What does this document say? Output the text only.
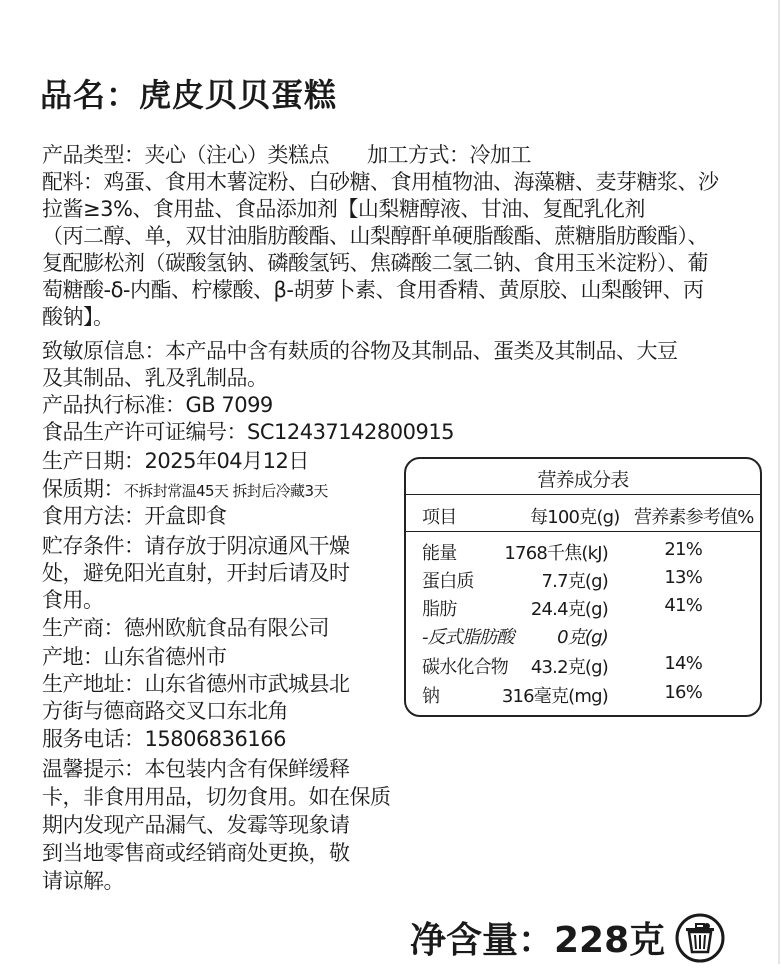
品名：虎皮贝贝蛋糕
产品类型：夹心（注心）类糕点 加工方式：冷加工
配料：鸡蛋、食用木薯淀粉、白砂糖、食用植物油、海藻糖、麦芽糖浆、沙
拉酱≥3%、食用盐、食品添加剂【山梨糖醇液、甘油、复配乳化剂
（丙二醇、单，双甘油脂肪酸酯、山梨醇酐单硬脂酸酯、蔗糖脂肪酸酯）、
复配膨松剂（碳酸氢钠、磷酸氢钙、焦磷酸二氢二钠、食用玉米淀粉）、葡
萄糖酸-δ-内酯、柠檬酸、β-胡萝卜素、食用香精、黄原胶、山梨酸钾、丙
酸钠】。
致敏原信息：本产品中含有麸质的谷物及其制品、蛋类及其制品、大豆
及其制品、乳及乳制品。
产品执行标准：GB 7099
食品生产许可证编号：SC12437142800915
生产日期：2025年04月12日
保质期：不拆封常温45天 拆封后冷藏3天
食用方法：开盒即食
贮存条件：请存放于阴凉通风干燥
处，避免阳光直射，开封后请及时
食用。
生产商：德州欧航食品有限公司
产地：山东省德州市
生产地址：山东省德州市武城县北
方街与德商路交叉口东北角
服务电话：15806836166
温馨提示：本包装内含有保鲜缓释
卡，非食用用品，切勿食用。如在保质
期内发现产品漏气、发霉等现象请
到当地零售商或经销商处更换，敬
请谅解。
营养成分表
项目	每100克(g) 营养素参考值%
能量	1768千焦(kJ)	21%
蛋白质	7.7克(g)	13%
脂肪	24.4克(g)	41%
-反式脂肪酸 0克(g)
碳水化合物 43.2克(g)	14%
钠	316毫克(mg)	16%
净含量：228克
